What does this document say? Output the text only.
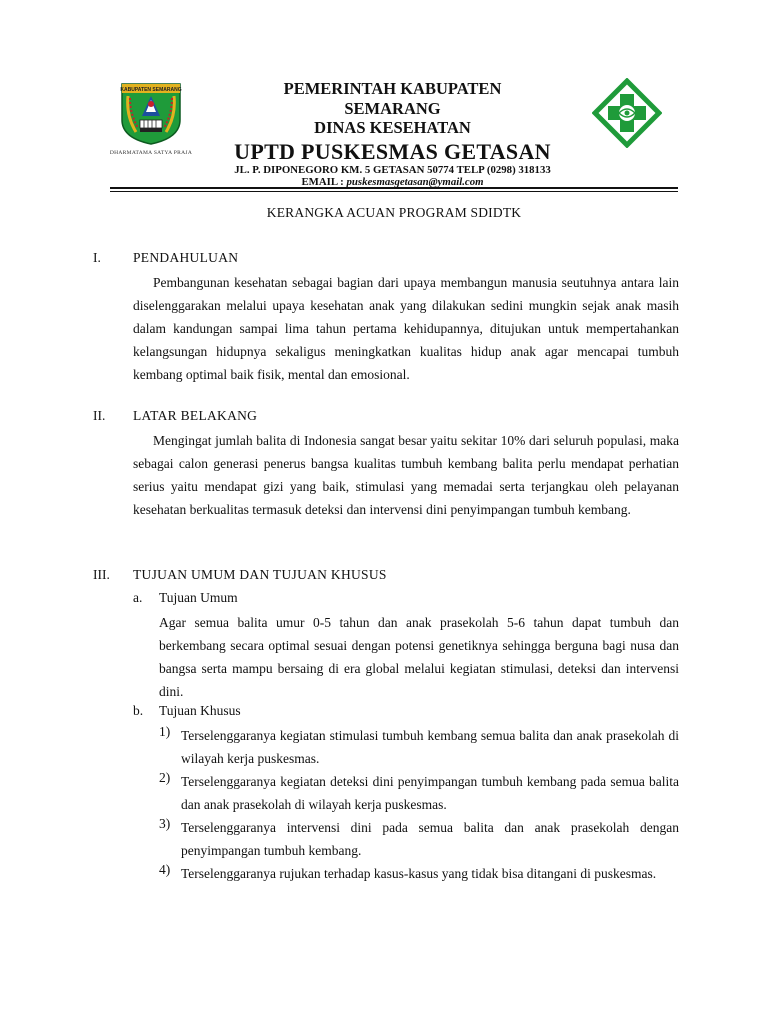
KABUPATEN SEMARANG
DHARMATAMA SATYA PRAJA
PEMERINTAH KABUPATEN
SEMARANG
DINAS KESEHATAN
UPTD PUSKESMAS GETASAN
JL. P. DIPONEGORO KM. 5 GETASAN 50774 TELP (0298) 318133
EMAIL : puskesmasgetasan@ymail.com
KERANGKA ACUAN PROGRAM SDIDTK
I. PENDAHULUAN
Pembangunan kesehatan sebagai bagian dari upaya membangun manusia seutuhnya antara lain diselenggarakan melalui upaya kesehatan anak yang dilakukan sedini mungkin sejak anak masih dalam kandungan sampai lima tahun pertama kehidupannya, ditujukan untuk mempertahankan kelangsungan hidupnya sekaligus meningkatkan kualitas hidup anak agar mencapai tumbuh kembang optimal baik fisik, mental dan emosional.
II. LATAR BELAKANG
Mengingat jumlah balita di Indonesia sangat besar yaitu sekitar 10% dari seluruh populasi, maka sebagai calon generasi penerus bangsa kualitas tumbuh kembang balita perlu mendapat perhatian serius yaitu mendapat gizi yang baik, stimulasi yang memadai serta terjangkau oleh pelayanan kesehatan berkualitas termasuk deteksi dan intervensi dini penyimpangan tumbuh kembang.
III. TUJUAN UMUM DAN TUJUAN KHUSUS
a. Tujuan Umum
Agar semua balita umur 0-5 tahun dan anak prasekolah 5-6 tahun dapat tumbuh dan berkembang secara optimal sesuai dengan potensi genetiknya sehingga berguna bagi nusa dan bangsa serta mampu bersaing di era global melalui kegiatan stimulasi, deteksi dan intervensi dini.
b. Tujuan Khusus
1) Terselenggaranya kegiatan stimulasi tumbuh kembang semua balita dan anak prasekolah di wilayah kerja puskesmas.
2) Terselenggaranya kegiatan deteksi dini penyimpangan tumbuh kembang pada semua balita dan anak prasekolah di wilayah kerja puskesmas.
3) Terselenggaranya intervensi dini pada semua balita dan anak prasekolah dengan penyimpangan tumbuh kembang.
4) Terselenggaranya rujukan terhadap kasus-kasus yang tidak bisa ditangani di puskesmas.
